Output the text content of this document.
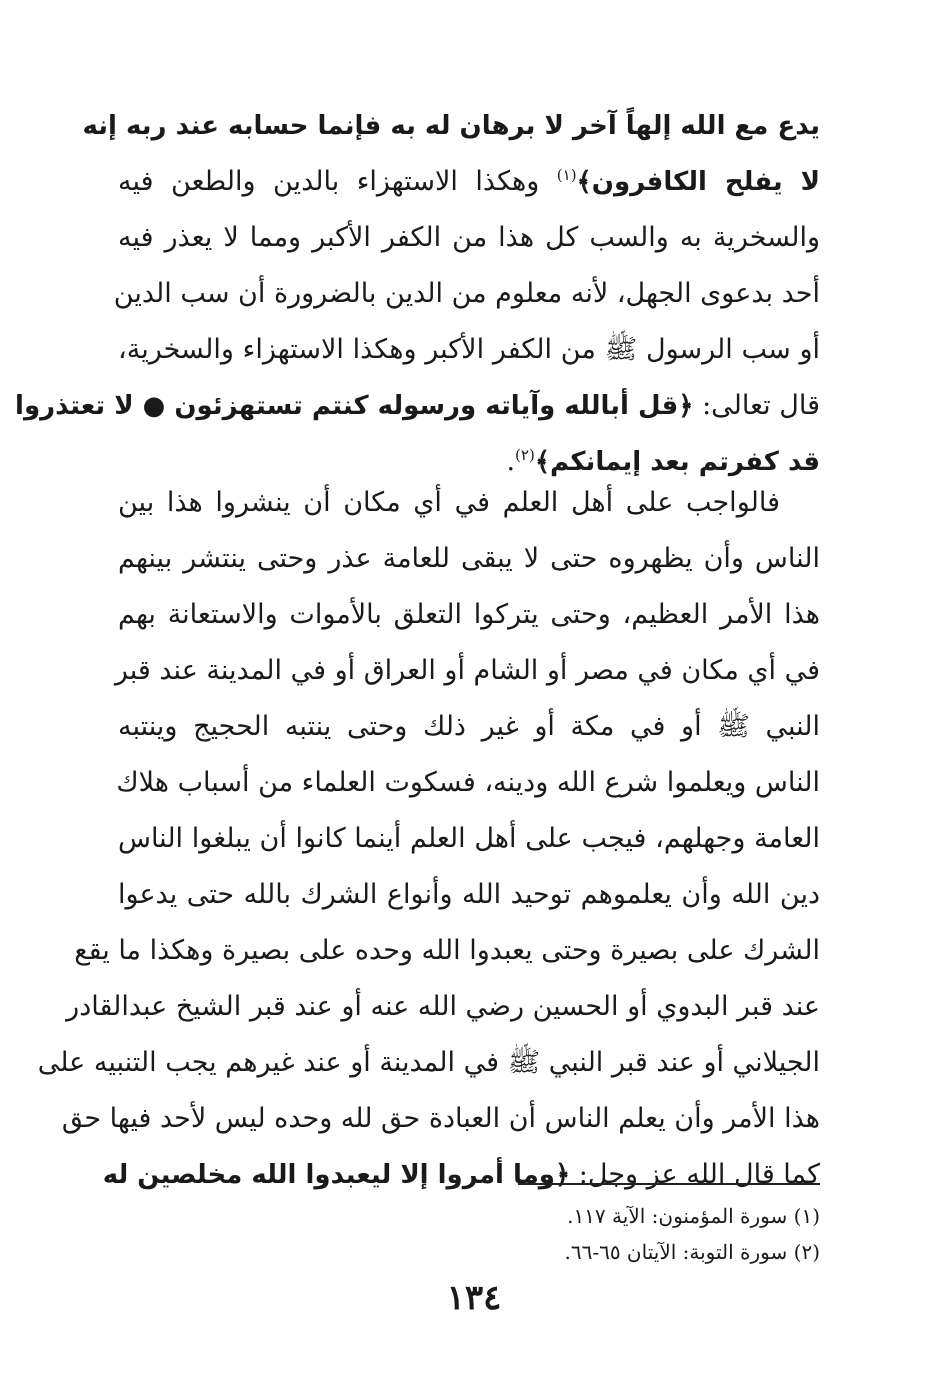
يدع مع الله إلهاً آخر لا برهان له به فإنما حسابه عند ربه إنه
لا يفلح الكافرون﴾$^{(١)}$ وهكذا الاستهزاء بالدين والطعن فيه
والسخرية به والسب كل هذا من الكفر الأكبر ومما لا يعذر فيه
أحد بدعوى الجهل، لأنه معلوم من الدين بالضرورة أن سب الدين
أو سب الرسول ﷺ من الكفر الأكبر وهكذا الاستهزاء والسخرية،
قال تعالى: ﴿قل أبالله وآياته ورسوله كنتم تستهزئون ● لا تعتذروا
قد كفرتم بعد إيمانكم﴾$^{(٢)}$.
فالواجب على أهل العلم في أي مكان أن ينشروا هذا بين
الناس وأن يظهروه حتى لا يبقى للعامة عذر وحتى ينتشر بينهم
هذا الأمر العظيم، وحتى يتركوا التعلق بالأموات والاستعانة بهم
في أي مكان في مصر أو الشام أو العراق أو في المدينة عند قبر
النبي ﷺ أو في مكة أو غير ذلك وحتى ينتبه الحجيج وينتبه
الناس ويعلموا شرع الله ودينه، فسكوت العلماء من أسباب هلاك
العامة وجهلهم، فيجب على أهل العلم أينما كانوا أن يبلغوا الناس
دين الله وأن يعلموهم توحيد الله وأنواع الشرك بالله حتى يدعوا
الشرك على بصيرة وحتى يعبدوا الله وحده على بصيرة وهكذا ما يقع
عند قبر البدوي أو الحسين رضي الله عنه أو عند قبر الشيخ عبدالقادر
الجيلاني أو عند قبر النبي ﷺ في المدينة أو عند غيرهم يجب التنبيه على
هذا الأمر وأن يعلم الناس أن العبادة حق لله وحده ليس لأحد فيها حق
كما قال الله عز وجل: ﴿وما أمروا إلا ليعبدوا الله مخلصين له
(١) سورة المؤمنون: الآية ١١٧.
(٢) سورة التوبة: الآيتان ٦٥-٦٦.
١٣٤
